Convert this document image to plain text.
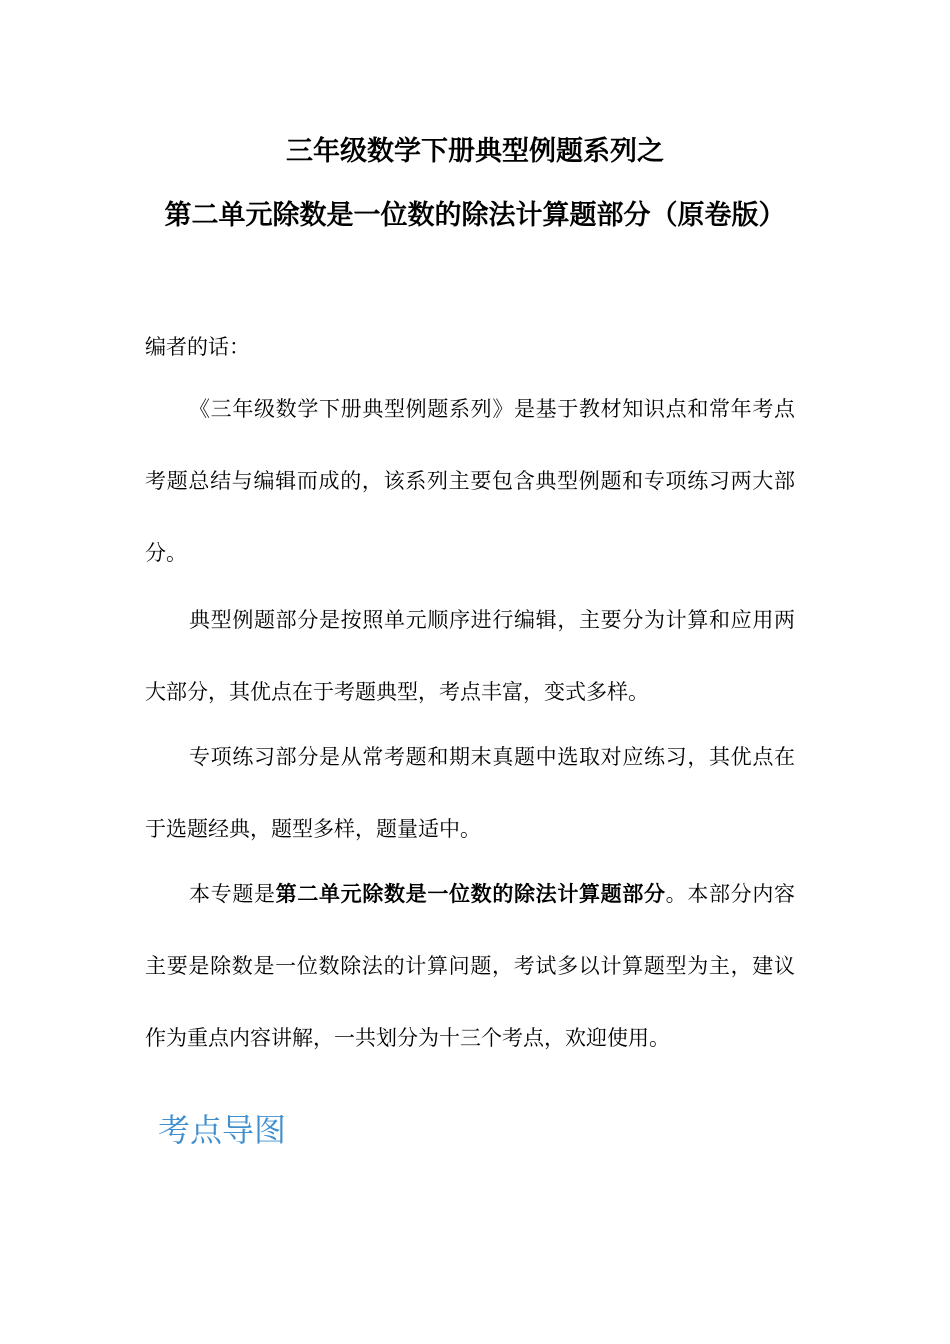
三年级数学下册典型例题系列之
第二单元除数是一位数的除法计算题部分（原卷版）

编者的话：

《三年级数学下册典型例题系列》是基于教材知识点和常年考点考题总结与编辑而成的，该系列主要包含典型例题和专项练习两大部分。

典型例题部分是按照单元顺序进行编辑，主要分为计算和应用两大部分，其优点在于考题典型，考点丰富，变式多样。

专项练习部分是从常考题和期末真题中选取对应练习，其优点在于选题经典，题型多样，题量适中。

本专题是第二单元除数是一位数的除法计算题部分。本部分内容主要是除数是一位数除法的计算问题，考试多以计算题型为主，建议作为重点内容讲解，一共划分为十三个考点，欢迎使用。

考点导图
